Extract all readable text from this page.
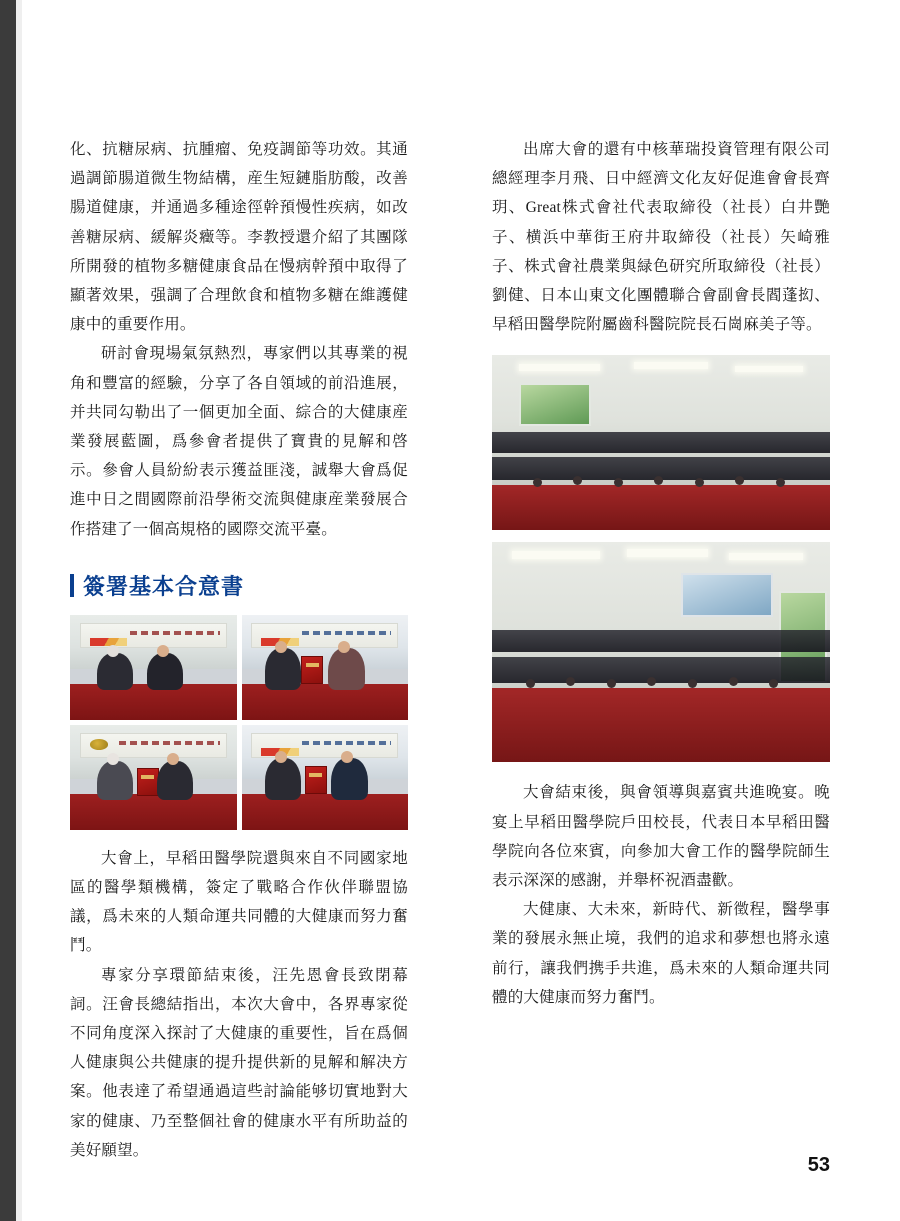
化、抗糖尿病、抗腫瘤、免疫調節等功效。其通過調節腸道微生物結構，産生短鏈脂肪酸，改善腸道健康，并通過多種途徑幹預慢性疾病，如改善糖尿病、緩解炎癥等。李教授還介紹了其團隊所開發的植物多糖健康食品在慢病幹預中取得了顯著效果，强調了合理飲食和植物多糖在維護健康中的重要作用。

研討會現場氣氛熱烈，專家們以其專業的視角和豐富的經驗，分享了各自領域的前沿進展，并共同勾勒出了一個更加全面、綜合的大健康産業發展藍圖，爲參會者提供了寶貴的見解和啓示。參會人員紛紛表示獲益匪淺，誠舉大會爲促進中日之間國際前沿學術交流與健康産業發展合作搭建了一個高規格的國際交流平臺。

簽署基本合意書

大會上，早稻田醫學院還與來自不同國家地區的醫學類機構，簽定了戰略合作伙伴聯盟協議，爲未來的人類命運共同體的大健康而努力奮鬥。

專家分享環節結束後，汪先恩會長致閉幕詞。汪會長總結指出，本次大會中，各界專家從不同角度深入探討了大健康的重要性，旨在爲個人健康與公共健康的提升提供新的見解和解决方案。他表達了希望通過這些討論能够切實地對大家的健康、乃至整個社會的健康水平有所助益的美好願望。

出席大會的還有中核華瑞投資管理有限公司總經理李月飛、日中經濟文化友好促進會會長齊玥、Great株式會社代表取締役（社長）白井艷子、横浜中華街王府井取締役（社長）矢崎雅子、株式會社農業與緑色研究所取締役（社長）劉健、日本山東文化團體聯合會副會長閻蓬抝、早稻田醫學院附屬齒科醫院院長石崗麻美子等。

大會結束後，與會領導與嘉賓共進晚宴。晚宴上早稻田醫學院戶田校長，代表日本早稻田醫學院向各位來賓，向參加大會工作的醫學院師生表示深深的感謝，并舉杯祝酒盡歡。

大健康、大未來，新時代、新徵程，醫學事業的發展永無止境，我們的追求和夢想也將永遠前行，讓我們携手共進，爲未來的人類命運共同體的大健康而努力奮鬥。

53
